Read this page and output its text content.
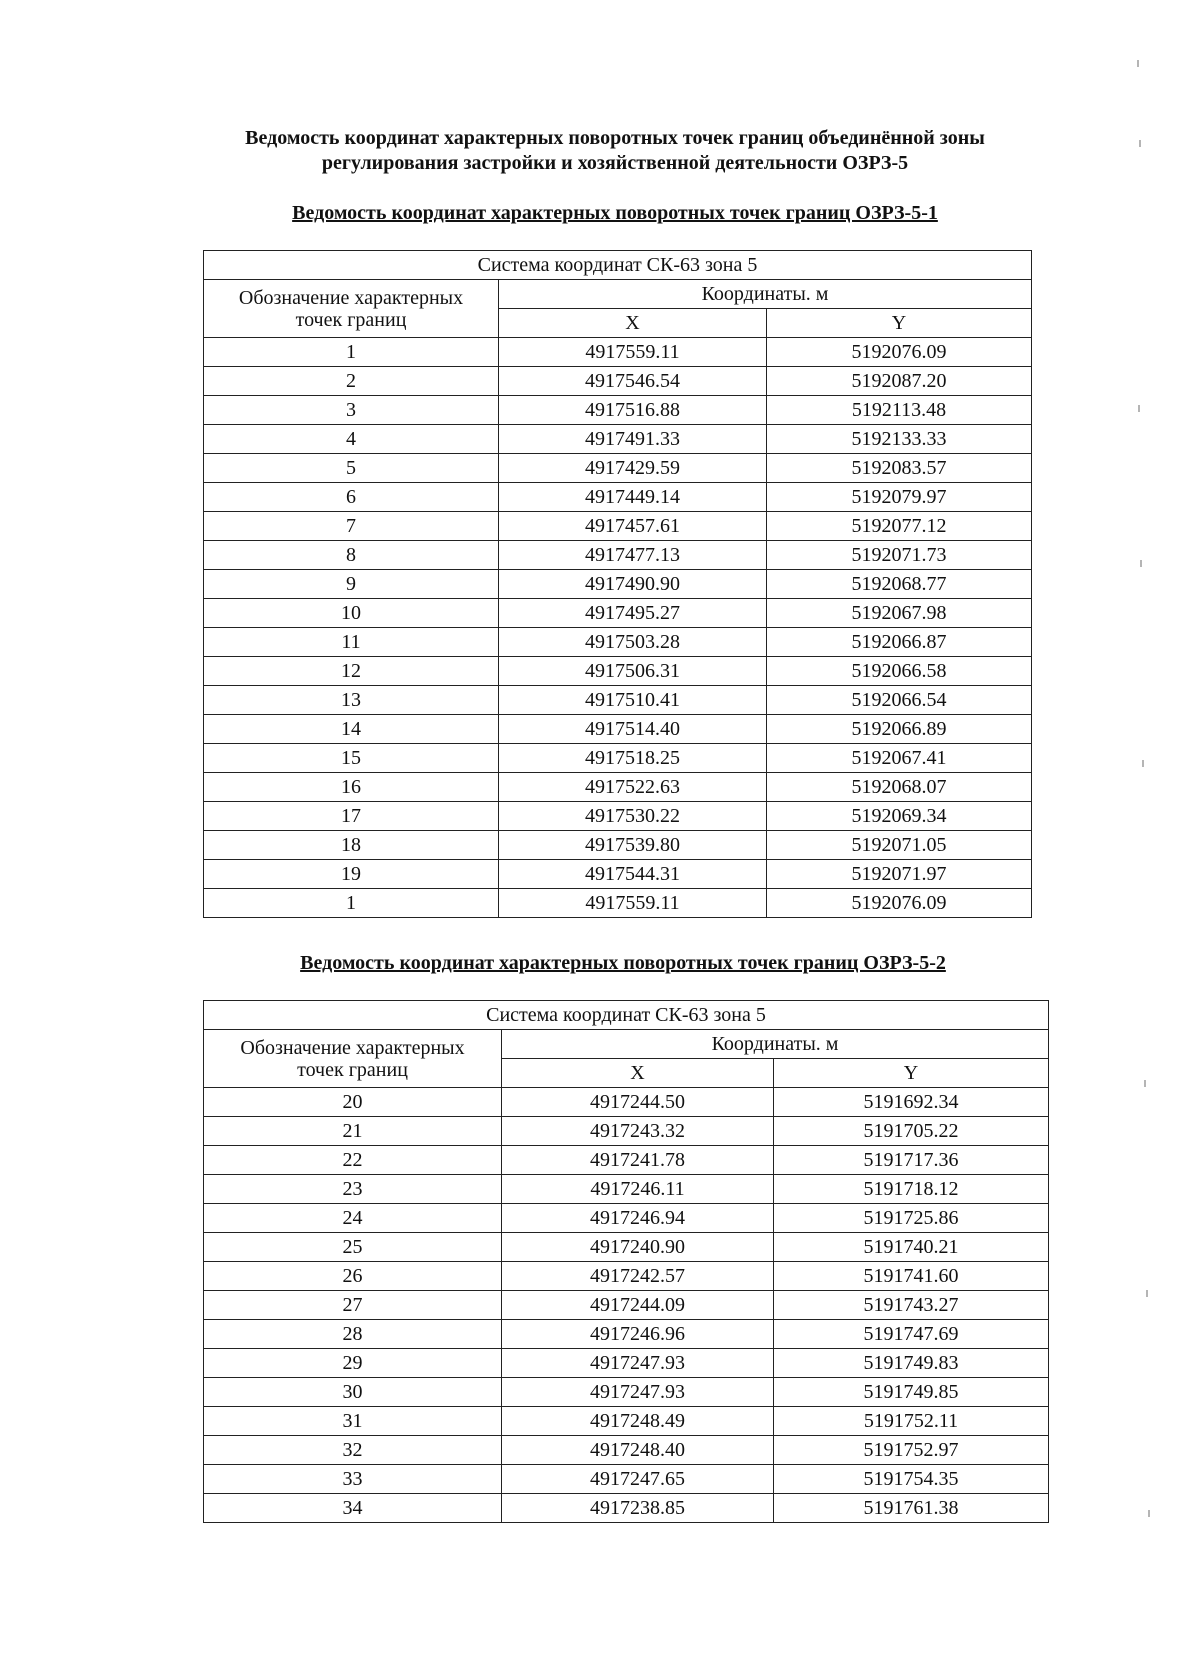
Ведомость координат характерных поворотных точек границ объединённой зоны
регулирования застройки и хозяйственной деятельности ОЗРЗ-5
Ведомость координат характерных поворотных точек границ ОЗРЗ-5-1
Система координат СК-63 зона 5		

Обозначение характерных
точек границ	Координаты. м	
	X	Y
1	4917559.11	5192076.09
2	4917546.54	5192087.20
3	4917516.88	5192113.48
4	4917491.33	5192133.33
5	4917429.59	5192083.57
6	4917449.14	5192079.97
7	4917457.61	5192077.12
8	4917477.13	5192071.73
9	4917490.90	5192068.77
10	4917495.27	5192067.98
11	4917503.28	5192066.87
12	4917506.31	5192066.58
13	4917510.41	5192066.54
14	4917514.40	5192066.89
15	4917518.25	5192067.41
16	4917522.63	5192068.07
17	4917530.22	5192069.34
18	4917539.80	5192071.05
19	4917544.31	5192071.97
1	4917559.11	5192076.09
Ведомость координат характерных поворотных точек границ ОЗРЗ-5-2
Система координат СК-63 зона 5		

Обозначение характерных
точек границ	Координаты. м	
	X	Y
20	4917244.50	5191692.34
21	4917243.32	5191705.22
22	4917241.78	5191717.36
23	4917246.11	5191718.12
24	4917246.94	5191725.86
25	4917240.90	5191740.21
26	4917242.57	5191741.60
27	4917244.09	5191743.27
28	4917246.96	5191747.69
29	4917247.93	5191749.83
30	4917247.93	5191749.85
31	4917248.49	5191752.11
32	4917248.40	5191752.97
33	4917247.65	5191754.35
34	4917238.85	5191761.38
